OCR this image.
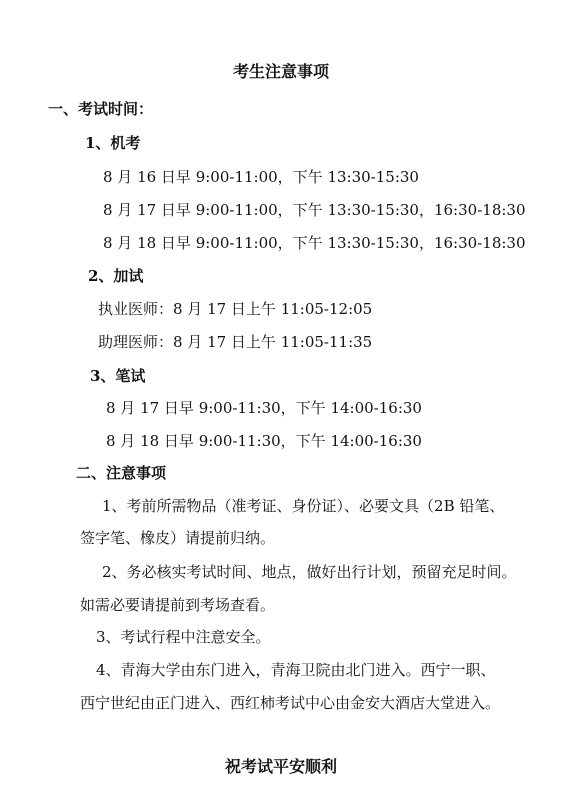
考生注意事项
一、考试时间：
1、机考
8 月 16 日早 9:00-11:00，下午 13:30-15:30
8 月 17 日早 9:00-11:00，下午 13:30-15:30，16:30-18:30
8 月 18 日早 9:00-11:00，下午 13:30-15:30，16:30-18:30
2、加试
执业医师：8 月 17 日上午 11:05-12:05
助理医师：8 月 17 日上午 11:05-11:35
3、笔试
8 月 17 日早 9:00-11:30，下午 14:00-16:30
8 月 18 日早 9:00-11:30，下午 14:00-16:30
二、注意事项
1、考前所需物品（准考证、身份证）、必要文具（2B 铅笔、
签字笔、橡皮）请提前归纳。
2、务必核实考试时间、地点，做好出行计划，预留充足时间。
如需必要请提前到考场查看。
3、考试行程中注意安全。
4、青海大学由东门进入，青海卫院由北门进入。西宁一职、
西宁世纪由正门进入、西红柿考试中心由金安大酒店大堂进入。
祝考试平安顺利
